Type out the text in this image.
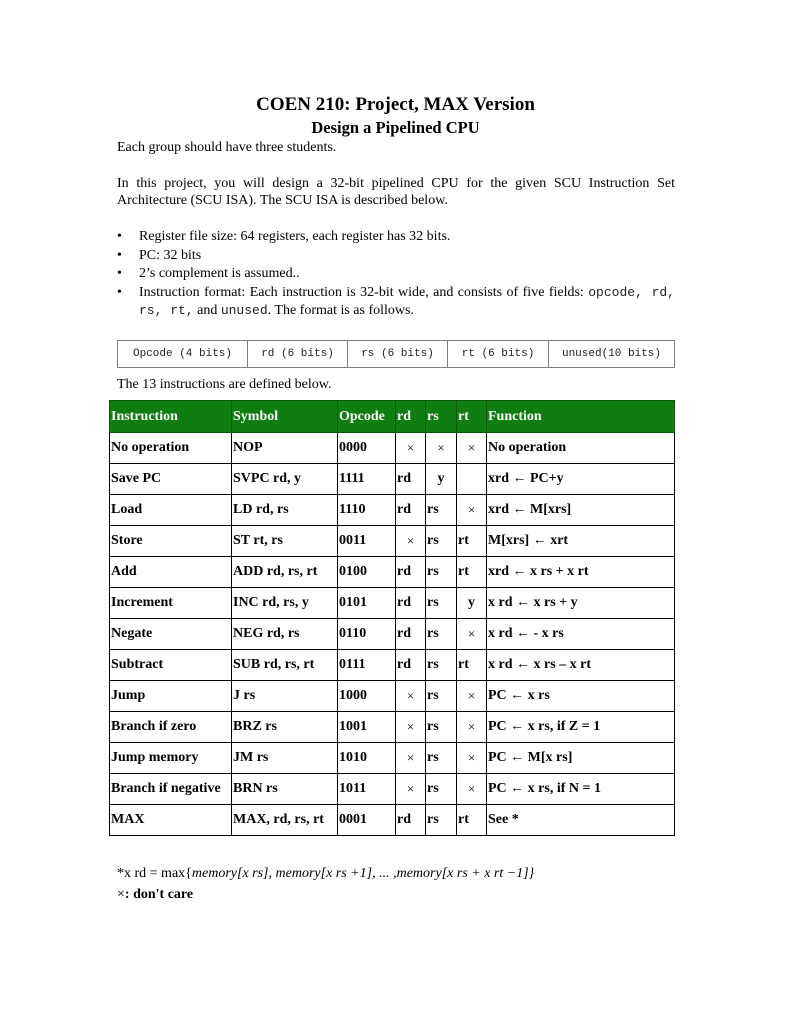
COEN 210: Project, MAX Version
Design a Pipelined CPU
Each group should have three students.
In this project, you will design a 32-bit pipelined CPU for the given SCU Instruction Set Architecture (SCU ISA). The SCU ISA is described below.
• Register file size: 64 registers, each register has 32 bits.
• PC: 32 bits
• 2’s complement is assumed..
• Instruction format: Each instruction is 32-bit wide, and consists of five fields: opcode, rd, rs, rt, and unused. The format is as follows.
Opcode (4 bits)	rd (6 bits)	rs (6 bits)	rt (6 bits)	unused(10 bits)
The 13 instructions are defined below.
Instruction	Symbol	Opcode	rd	rs	rt	Function
No operation	NOP	0000	×	×	×	No operation
Save PC	SVPC rd, y	1111	rd	y		xrd ← PC+y
Load	LD rd, rs	1110	rd	rs	×	xrd ← M[xrs]
Store	ST rt, rs	0011	×	rs	rt	M[xrs] ← xrt
Add	ADD rd, rs, rt	0100	rd	rs	rt	xrd ← x rs + x rt
Increment	INC rd, rs, y	0101	rd	rs	y	x rd ← x rs + y
Negate	NEG rd, rs	0110	rd	rs	×	x rd ← - x rs
Subtract	SUB rd, rs, rt	0111	rd	rs	rt	x rd ← x rs – x rt
Jump	J rs	1000	×	rs	×	PC ← x rs
Branch if zero	BRZ rs	1001	×	rs	×	PC ← x rs, if Z = 1
Jump memory	JM rs	1010	×	rs	×	PC ← M[x rs]
Branch if negative	BRN rs	1011	×	rs	×	PC ← x rs, if N = 1
MAX	MAX, rd, rs, rt	0001	rd	rs	rt	See *
*x rd = max{memory[x rs], memory[x rs +1], ... ,memory[x rs + x rt −1]}
×: don't care
